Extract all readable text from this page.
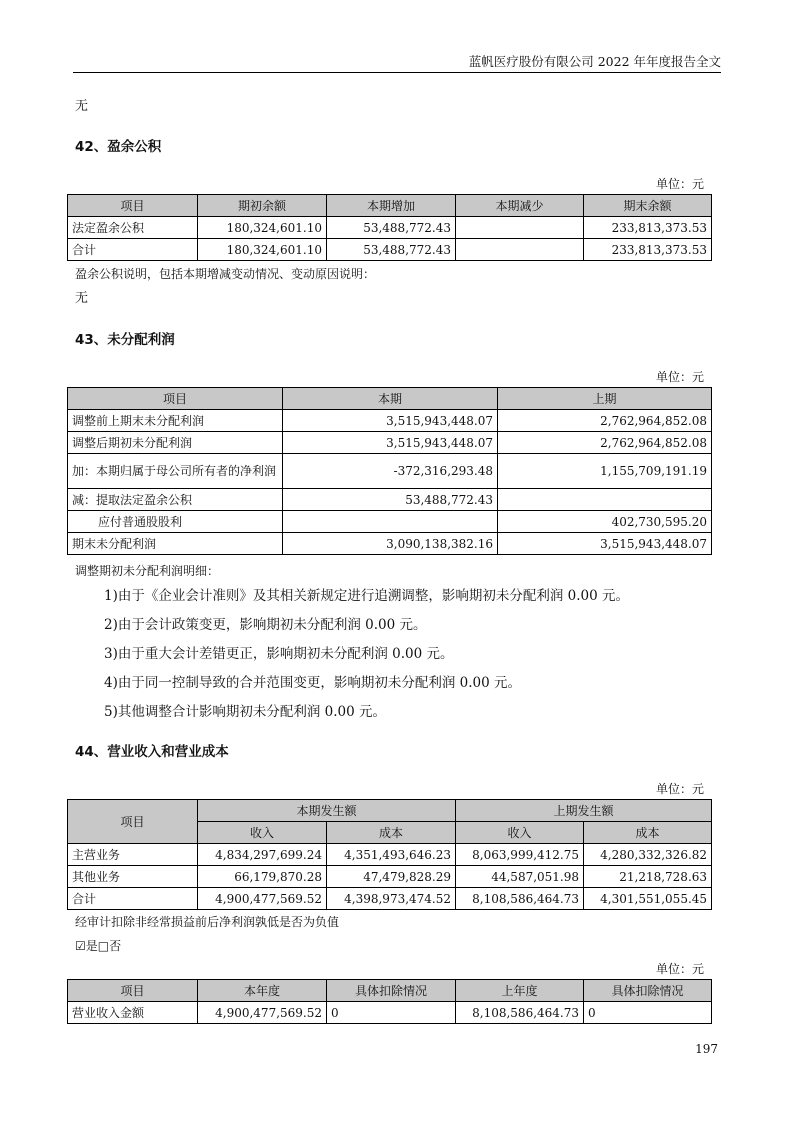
蓝帆医疗股份有限公司 2022 年年度报告全文
无
42、盈余公积
单位：元
项目	期初余额	本期增加	本期减少	期末余额
法定盈余公积	180,324,601.10	53,488,772.43		233,813,373.53
合计	180,324,601.10	53,488,772.43		233,813,373.53
盈余公积说明，包括本期增减变动情况、变动原因说明：
无
43、未分配利润
单位：元
项目	本期	上期
调整前上期末未分配利润	3,515,943,448.07	2,762,964,852.08
调整后期初未分配利润	3,515,943,448.07	2,762,964,852.08
加：本期归属于母公司所有者的净利润	-372,316,293.48	1,155,709,191.19
减：提取法定盈余公积	53,488,772.43	
应付普通股股利		402,730,595.20
期末未分配利润	3,090,138,382.16	3,515,943,448.07
调整期初未分配利润明细：
1)由于《企业会计准则》及其相关新规定进行追溯调整，影响期初未分配利润 0.00 元。
2)由于会计政策变更，影响期初未分配利润 0.00 元。
3)由于重大会计差错更正，影响期初未分配利润 0.00 元。
4)由于同一控制导致的合并范围变更，影响期初未分配利润 0.00 元。
5)其他调整合计影响期初未分配利润 0.00 元。
44、营业收入和营业成本
单位：元
项目	本期发生额		上期发生额	
	收入	成本	收入	成本
主营业务	4,834,297,699.24	4,351,493,646.23	8,063,999,412.75	4,280,332,326.82
其他业务	66,179,870.28	47,479,828.29	44,587,051.98	21,218,728.63
合计	4,900,477,569.52	4,398,973,474.52	8,108,586,464.73	4,301,551,055.45
经审计扣除非经常损益前后净利润孰低是否为负值
☑是□否
单位：元
项目	本年度	具体扣除情况	上年度	具体扣除情况
营业收入金额	4,900,477,569.52	0	8,108,586,464.73	0
197
